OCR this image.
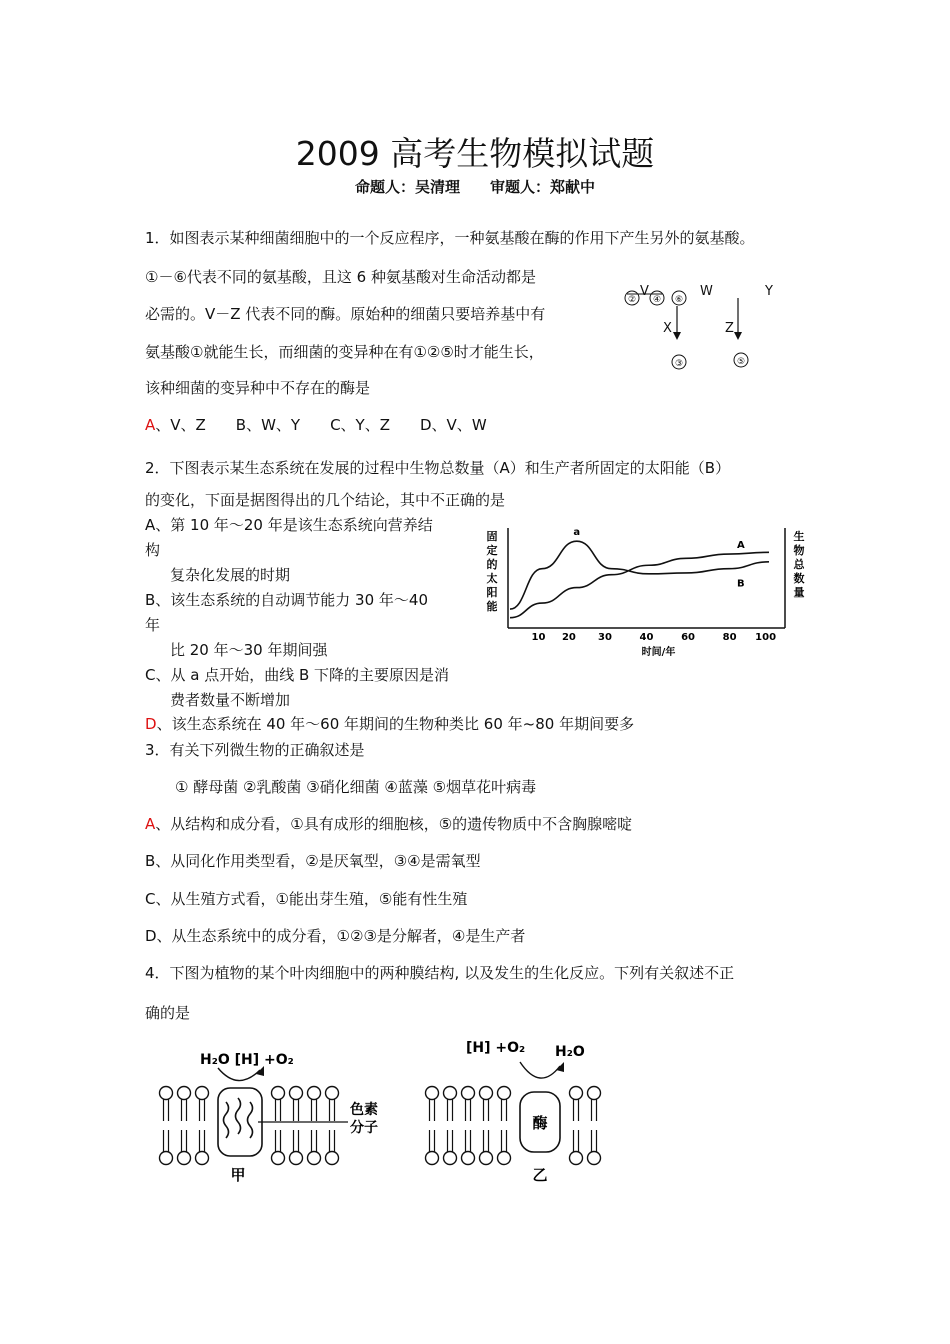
2009 高考生物模拟试题
命题人：吴清理　　审题人：郑献中
1．如图表示某种细菌细胞中的一个反应程序，一种氨基酸在酶的作用下产生另外的氨基酸。
①－⑥代表不同的氨基酸，且这 6 种氨基酸对生命活动都是
必需的。V－Z 代表不同的酶。原始种的细菌只要培养基中有
氨基酸①就能生长，而细菌的变异种在有①②⑤时才能生长，
该种细菌的变异种中不存在的酶是
A、V、Z　　B、W、Y　　C、Y、Z　　D、V、W
② ④ ⑥
V	W	Y
X	Z
③	⑤
2．下图表示某生态系统在发展的过程中生物总数量（A）和生产者所固定的太阳能（B）
的变化，下面是据图得出的几个结论，其中不正确的是
A、第 10 年～20 年是该生态系统向营养结
构
复杂化发展的时期
B、该生态系统的自动调节能力 30 年～40
年
比 20 年～30 年期间强
C、从 a 点开始，曲线 B 下降的主要原因是消
费者数量不断增加
D、该生态系统在 40 年～60 年期间的生物种类比 60 年~80 年期间要多
10 20 30	40	60	80 100
时间/年
固定的太阳能
生物总数量
A
B
a
3．有关下列微生物的正确叙述是
① 酵母菌 ②乳酸菌 ③硝化细菌 ④蓝藻 ⑤烟草花叶病毒
A、从结构和成分看，①具有成形的细胞核，⑤的遗传物质中不含胸腺嘧啶
B、从同化作用类型看，②是厌氧型，③④是需氧型
C、从生殖方式看，①能出芽生殖，⑤能有性生殖
D、从生态系统中的成分看，①②③是分解者，④是生产者
4．下图为植物的某个叶肉细胞中的两种膜结构, 以及发生的生化反应。下列有关叙述不正
确的是
色素
分子
H₂O [H] +O₂
甲
酶
[H] +O₂ H₂O
乙
